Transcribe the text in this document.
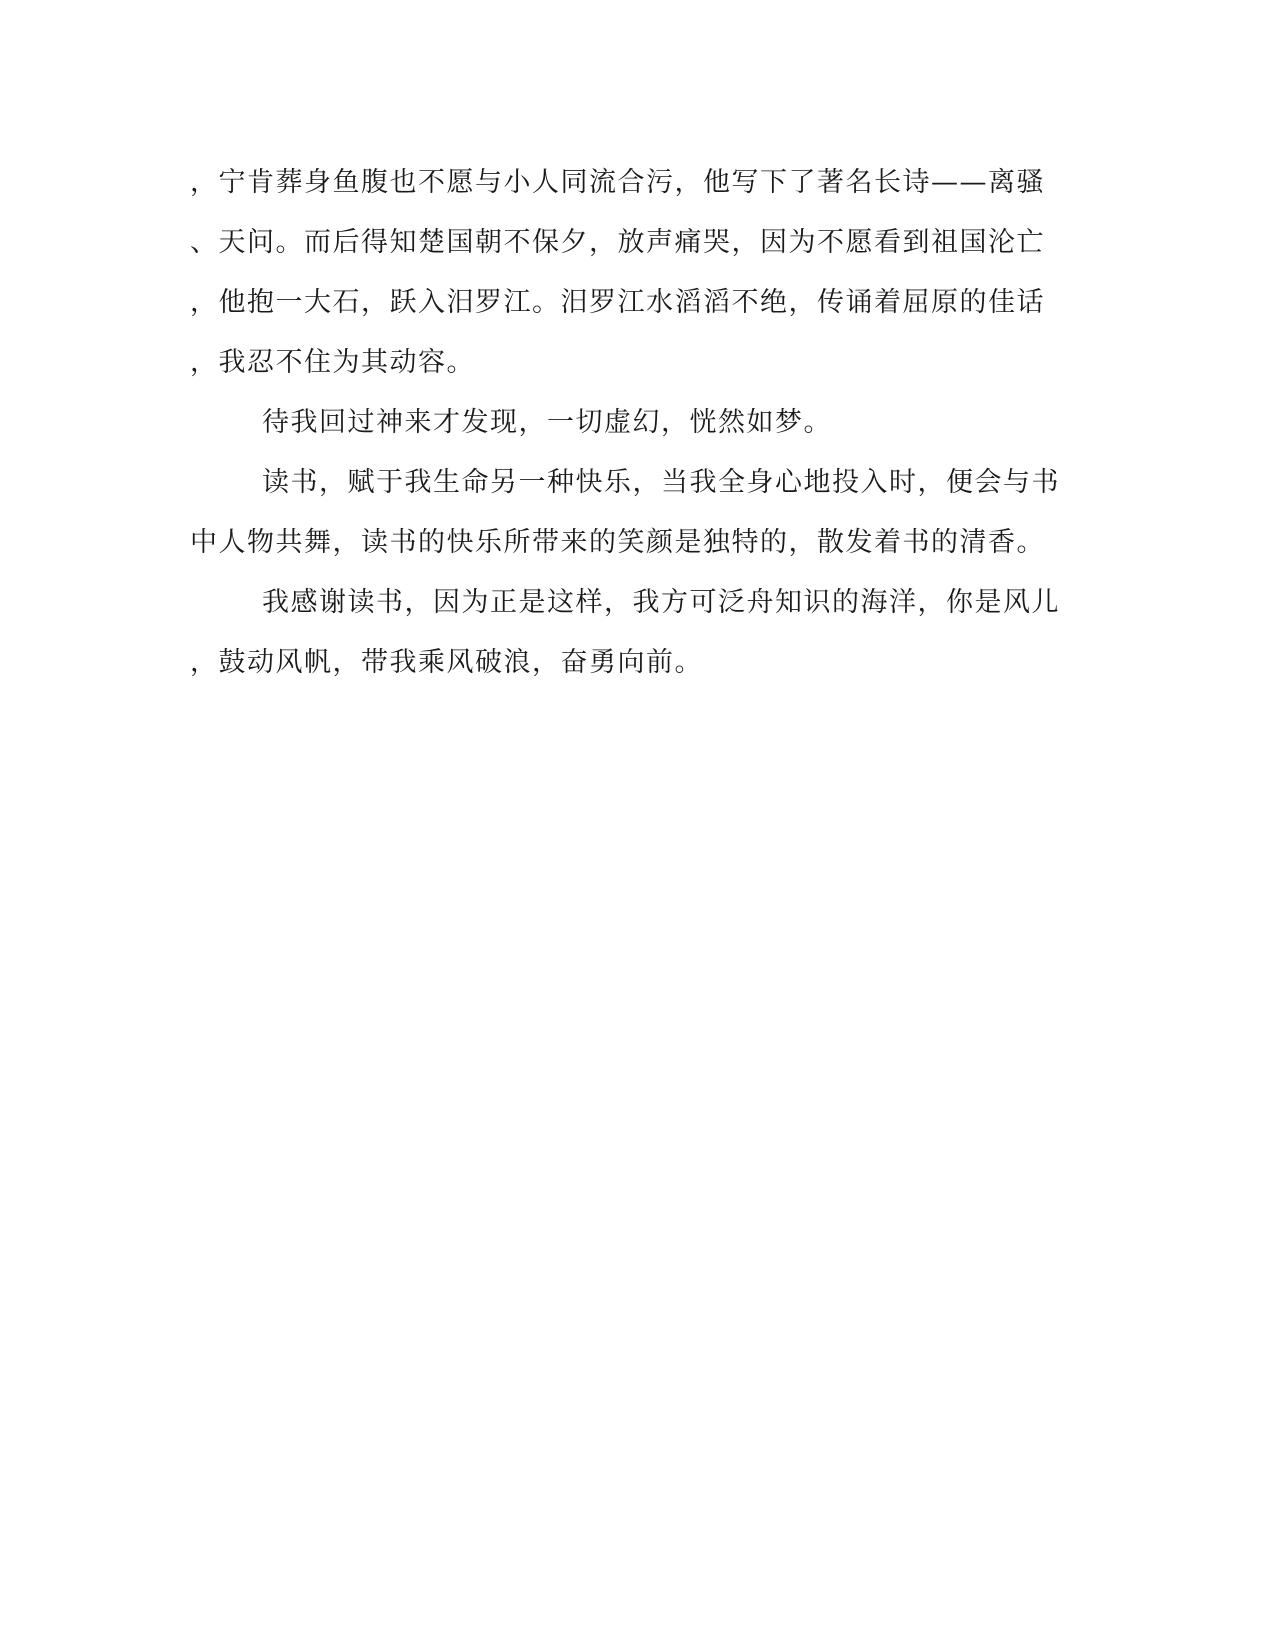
，宁肯葬身鱼腹也不愿与小人同流合污，他写下了著名长诗——离骚
、天问。而后得知楚国朝不保夕，放声痛哭，因为不愿看到祖国沦亡
，他抱一大石，跃入汨罗江。汨罗江水滔滔不绝，传诵着屈原的佳话
，我忍不住为其动容。
待我回过神来才发现，一切虚幻，恍然如梦。
读书，赋于我生命另一种快乐，当我全身心地投入时，便会与书
中人物共舞，读书的快乐所带来的笑颜是独特的，散发着书的清香。
我感谢读书，因为正是这样，我方可泛舟知识的海洋，你是风儿
，鼓动风帆，带我乘风破浪，奋勇向前。
